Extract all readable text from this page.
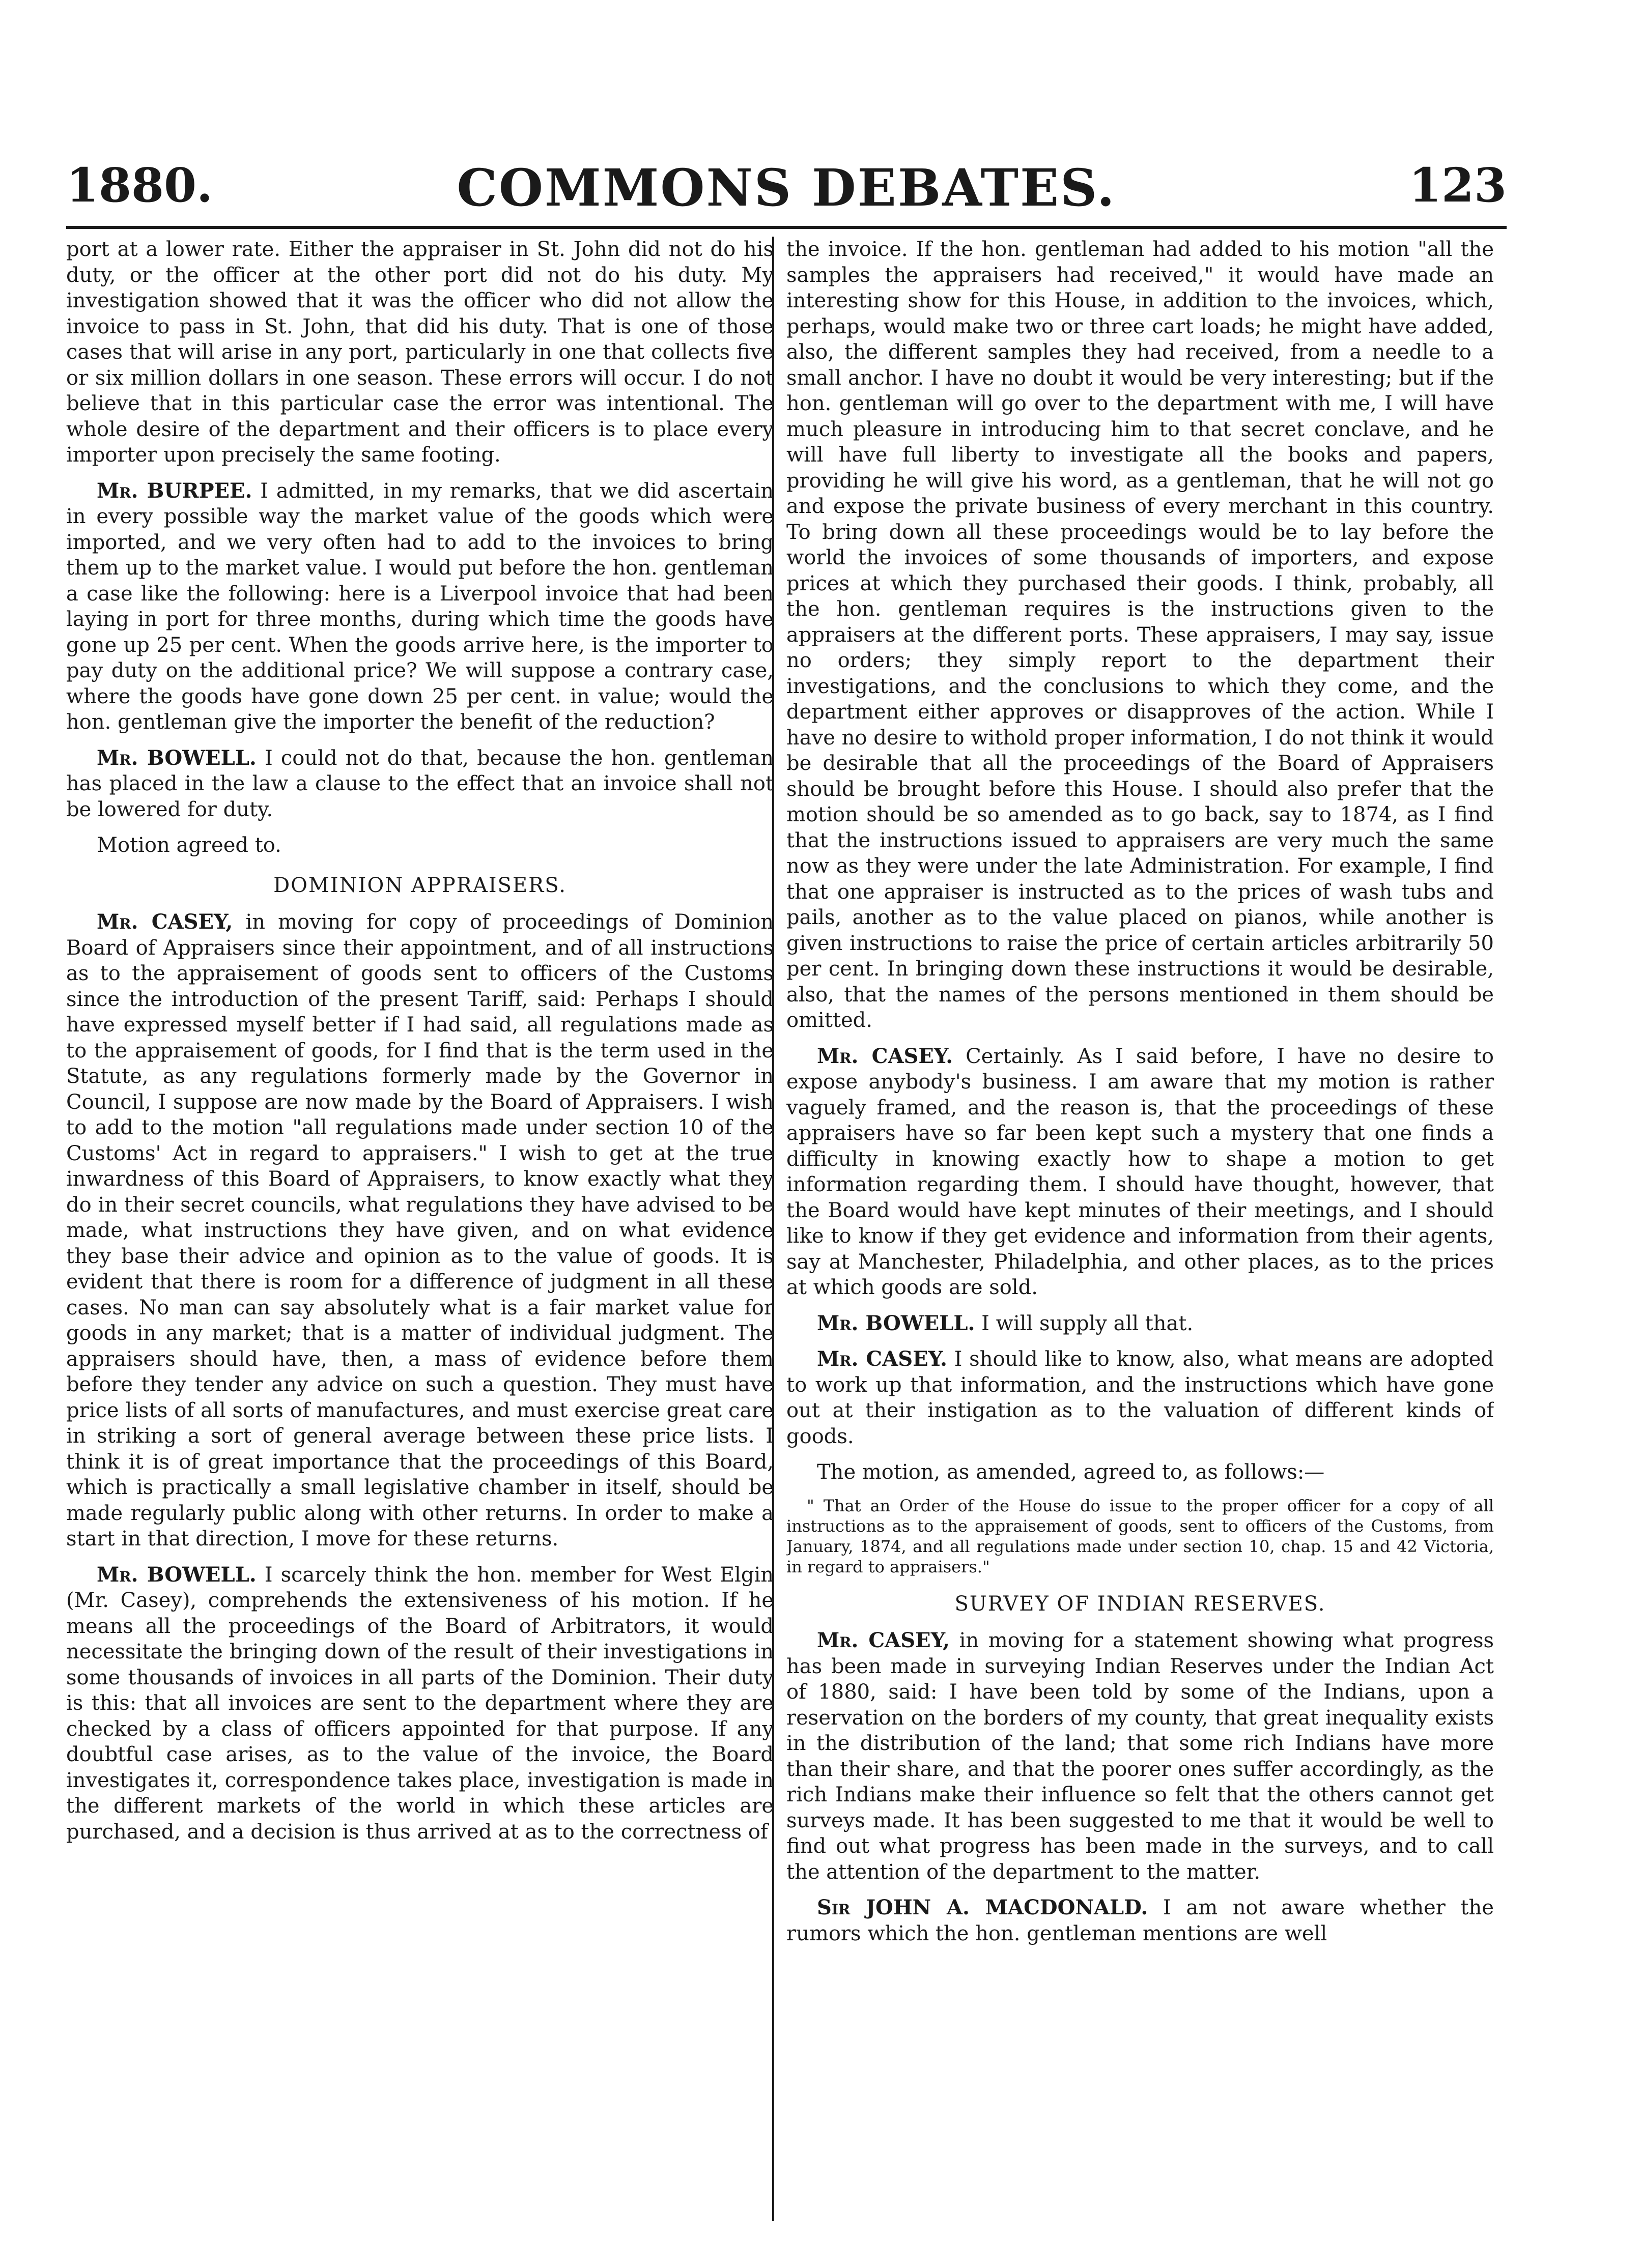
1880.	COMMONS DEBATES.	123

port at a lower rate. Either the appraiser in St. John did not do his duty, or the officer at the other port did not do his duty. My investigation showed that it was the officer who did not allow the invoice to pass in St. John, that did his duty. That is one of those cases that will arise in any port, particularly in one that collects five or six million dollars in one season. These errors will occur. I do not believe that in this particular case the error was intentional. The whole desire of the department and their officers is to place every importer upon precisely the same footing.

Mr. BURPEE. I admitted, in my remarks, that we did ascertain in every possible way the market value of the goods which were imported, and we very often had to add to the invoices to bring them up to the market value. I would put before the hon. gentleman a case like the following: here is a Liverpool invoice that had been laying in port for three months, during which time the goods have gone up 25 per cent. When the goods arrive here, is the importer to pay duty on the additional price? We will suppose a contrary case, where the goods have gone down 25 per cent. in value; would the hon. gentleman give the importer the benefit of the reduction?

Mr. BOWELL. I could not do that, because the hon. gentleman has placed in the law a clause to the effect that an invoice shall not be lowered for duty.

Motion agreed to.

DOMINION APPRAISERS.

Mr. CASEY, in moving for copy of proceedings of Dominion Board of Appraisers since their appointment, and of all instructions as to the appraisement of goods sent to officers of the Customs since the introduction of the present Tariff, said: Perhaps I should have expressed myself better if I had said, all regulations made as to the appraisement of goods, for I find that is the term used in the Statute, as any regulations formerly made by the Governor in Council, I suppose are now made by the Board of Appraisers. I wish to add to the motion "all regulations made under section 10 of the Customs' Act in regard to appraisers." I wish to get at the true inwardness of this Board of Appraisers, to know exactly what they do in their secret councils, what regulations they have advised to be made, what instructions they have given, and on what evidence they base their advice and opinion as to the value of goods. It is evident that there is room for a difference of judgment in all these cases. No man can say absolutely what is a fair market value for goods in any market; that is a matter of individual judgment. The appraisers should have, then, a mass of evidence before them before they tender any advice on such a question. They must have price lists of all sorts of manufactures, and must exercise great care in striking a sort of general average between these price lists. I think it is of great importance that the proceedings of this Board, which is practically a small legislative chamber in itself, should be made regularly public along with other returns. In order to make a start in that direction, I move for these returns.

Mr. BOWELL. I scarcely think the hon. member for West Elgin (Mr. Casey), comprehends the extensiveness of his motion. If he means all the proceedings of the Board of Arbitrators, it would necessitate the bringing down of the result of their investigations in some thousands of invoices in all parts of the Dominion. Their duty is this: that all invoices are sent to the department where they are checked by a class of officers appointed for that purpose. If any doubtful case arises, as to the value of the invoice, the Board investigates it, correspondence takes place, investigation is made in the different markets of the world in which these articles are purchased, and a decision is thus arrived at as to the correctness of

the invoice. If the hon. gentleman had added to his motion "all the samples the appraisers had received," it would have made an interesting show for this House, in addition to the invoices, which, perhaps, would make two or three cart loads; he might have added, also, the different samples they had received, from a needle to a small anchor. I have no doubt it would be very interesting; but if the hon. gentleman will go over to the department with me, I will have much pleasure in introducing him to that secret conclave, and he will have full liberty to investigate all the books and papers, providing he will give his word, as a gentleman, that he will not go and expose the private business of every merchant in this country. To bring down all these proceedings would be to lay before the world the invoices of some thousands of importers, and expose prices at which they purchased their goods. I think, probably, all the hon. gentleman requires is the instructions given to the appraisers at the different ports. These appraisers, I may say, issue no orders; they simply report to the department their investigations, and the conclusions to which they come, and the department either approves or disapproves of the action. While I have no desire to withold proper information, I do not think it would be desirable that all the proceedings of the Board of Appraisers should be brought before this House. I should also prefer that the motion should be so amended as to go back, say to 1874, as I find that the instructions issued to appraisers are very much the same now as they were under the late Administration. For example, I find that one appraiser is instructed as to the prices of wash tubs and pails, another as to the value placed on pianos, while another is given instructions to raise the price of certain articles arbitrarily 50 per cent. In bringing down these instructions it would be desirable, also, that the names of the persons mentioned in them should be omitted.

Mr. CASEY. Certainly. As I said before, I have no desire to expose anybody's business. I am aware that my motion is rather vaguely framed, and the reason is, that the proceedings of these appraisers have so far been kept such a mystery that one finds a difficulty in knowing exactly how to shape a motion to get information regarding them. I should have thought, however, that the Board would have kept minutes of their meetings, and I should like to know if they get evidence and information from their agents, say at Manchester, Philadelphia, and other places, as to the prices at which goods are sold.

Mr. BOWELL. I will supply all that.

Mr. CASEY. I should like to know, also, what means are adopted to work up that information, and the instructions which have gone out at their instigation as to the valuation of different kinds of goods.

The motion, as amended, agreed to, as follows:—

" That an Order of the House do issue to the proper officer for a copy of all instructions as to the appraisement of goods, sent to officers of the Customs, from January, 1874, and all regulations made under section 10, chap. 15 and 42 Victoria, in regard to appraisers."

SURVEY OF INDIAN RESERVES.

Mr. CASEY, in moving for a statement showing what progress has been made in surveying Indian Reserves under the Indian Act of 1880, said: I have been told by some of the Indians, upon a reservation on the borders of my county, that great inequality exists in the distribution of the land; that some rich Indians have more than their share, and that the poorer ones suffer accordingly, as the rich Indians make their influence so felt that the others cannot get surveys made. It has been suggested to me that it would be well to find out what progress has been made in the surveys, and to call the attention of the department to the matter.

Sir JOHN A. MACDONALD. I am not aware whether the rumors which the hon. gentleman mentions are well
